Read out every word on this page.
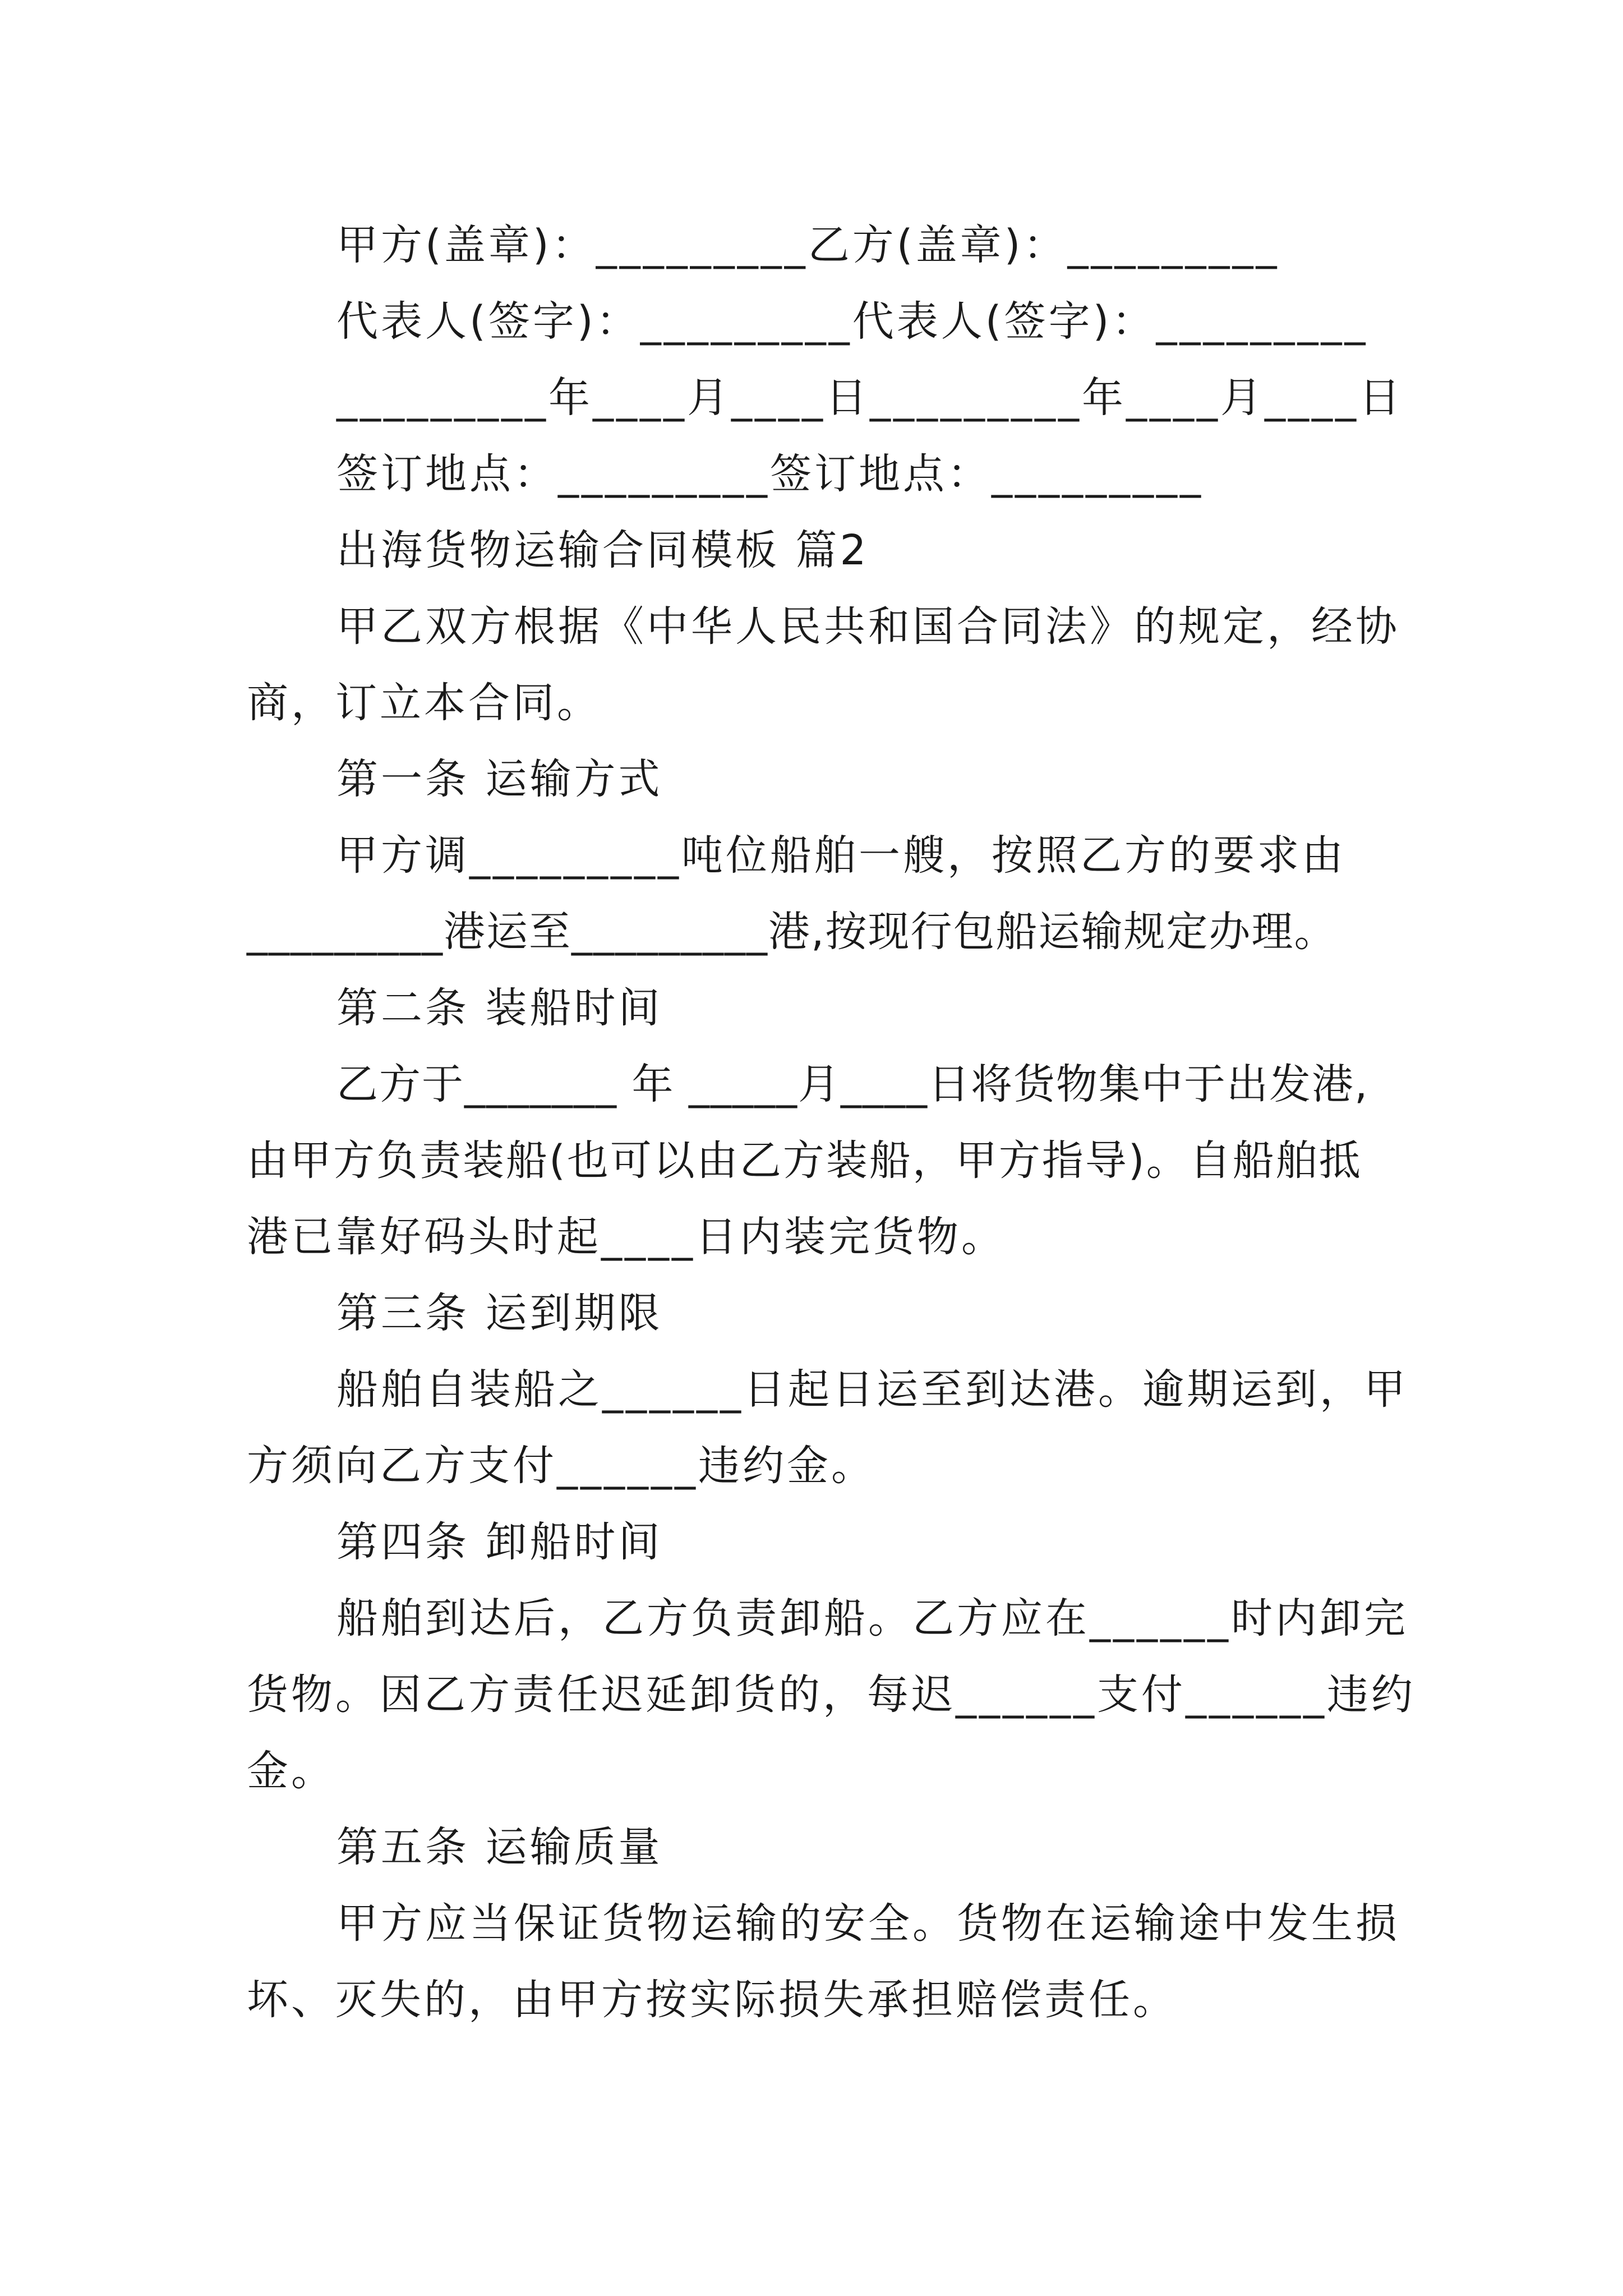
甲方(盖章)：_________乙方(盖章)：_________
代表人(签字)：_________代表人(签字)：_________
_________年____月____日_________年____月____日
签订地点：_________签订地点：_________
出海货物运输合同模板 篇2
甲乙双方根据《中华人民共和国合同法》的规定，经协
商，订立本合同。
第一条 运输方式
甲方调_________吨位船舶一艘，按照乙方的要求由
_________港运至_________港,按现行包船运输规定办理。
第二条 装船时间
乙方于_______ 年 _____月____日将货物集中于出发港,
由甲方负责装船(也可以由乙方装船，甲方指导)。自船舶抵
港已靠好码头时起____日内装完货物。
第三条 运到期限
船舶自装船之______日起日运至到达港。逾期运到，甲
方须向乙方支付______违约金。
第四条 卸船时间
船舶到达后，乙方负责卸船。乙方应在______时内卸完
货物。因乙方责任迟延卸货的，每迟______支付______违约
金。
第五条 运输质量
甲方应当保证货物运输的安全。货物在运输途中发生损
坏、灭失的，由甲方按实际损失承担赔偿责任。
